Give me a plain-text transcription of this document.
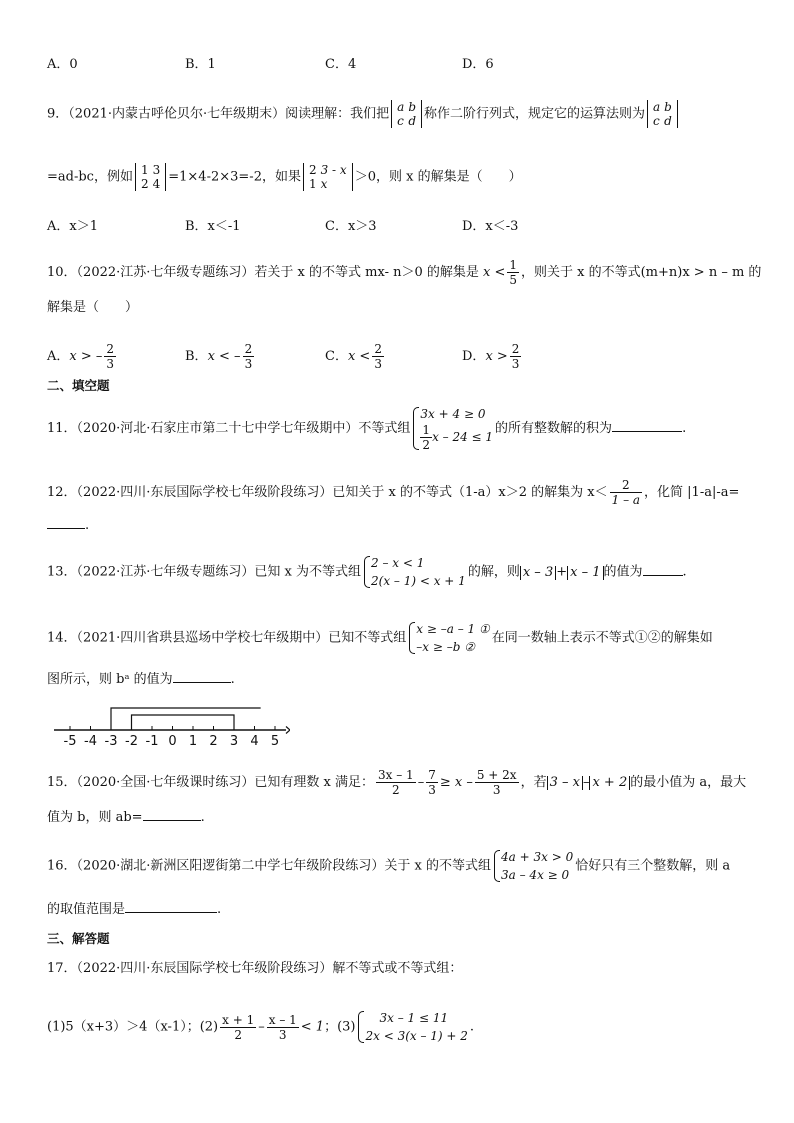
A．0	B．1	C．4	D．6
9．（2021·内蒙古呼伦贝尔·七年级期末）阅读理解：我们把 a	b
c	d 称作二阶行列式，规定它的运算法则为 a	b
c	d
=ad-bc，例如 1	3
2	4 =1×4-2×3=-2，如果 2	3 - x
1	x ＞0，则 x 的解集是（　　）
A．x＞1	B．x＜-1	C．x＞3	D．x＜-3
10．（2022·江苏·七年级专题练习）若关于 x 的不等式 mx- n＞0 的解集是 $x < \frac{1}{5}$ ，则关于 x 的不等式(m+n)x > n – m 的
解集是（　　）
A．x > – $\frac{2}{3}$	B．x < – $\frac{2}{3}$	C．$x < \frac{2}{3}$	D．$x > \frac{2}{3}$
二、填空题
11．（2020·河北·石家庄市第二十七中学七年级期中）不等式组
3x + 4 ≥ 0
$\frac{1}{2}$ x – 24 ≤ 1
的所有整数解的积为	.
12．（2022·四川·东辰国际学校七年级阶段练习）已知关于 x 的不等式（1-a）x＞2 的解集为 $x< \frac{2}{1 - a}$ ，化简 |1-a|-a=
.
13．（2022·江苏·七年级专题练习）已知 x 为不等式组
2 – x < 1
2(x – 1) < x + 1
的解，则 x – 3 + x – 1 的值为	.
14．（2021·四川省珙县巡场中学校七年级期中）已知不等式组
x ≥ –a – 1 ①
–x ≥ –b ②
在同一数轴上表示不等式①②的解集如
图所示，则 bᵃ 的值为	.
-5 -4 -3 -2 -1 0 1 2 3 4 5
15．（2020·全国·七年级课时练习）已知有理数 x 满足： $\frac{3x - 1}{2} - \frac{7}{3} \ge x - \frac{5 + 2x}{3}$ ，若 3 – x – x + 2 的最小值为 a，最大
值为 b，则 ab=	.
16．（2020·湖北·新洲区阳逻街第二中学七年级阶段练习）关于 x 的不等式组
4a + 3x > 0
3a – 4x ≥ 0
恰好只有三个整数解，则 a
的取值范围是	.
三、解答题
17．（2022·四川·东辰国际学校七年级阶段练习）解不等式或不等式组：
(1)5（x+3）＞4（x-1）；$(2) \frac{x + 1}{2} - \frac{x - 1}{3} < 1$；(3)
3x – 1 ≤ 11
2x < 3(x – 1) + 2
.
